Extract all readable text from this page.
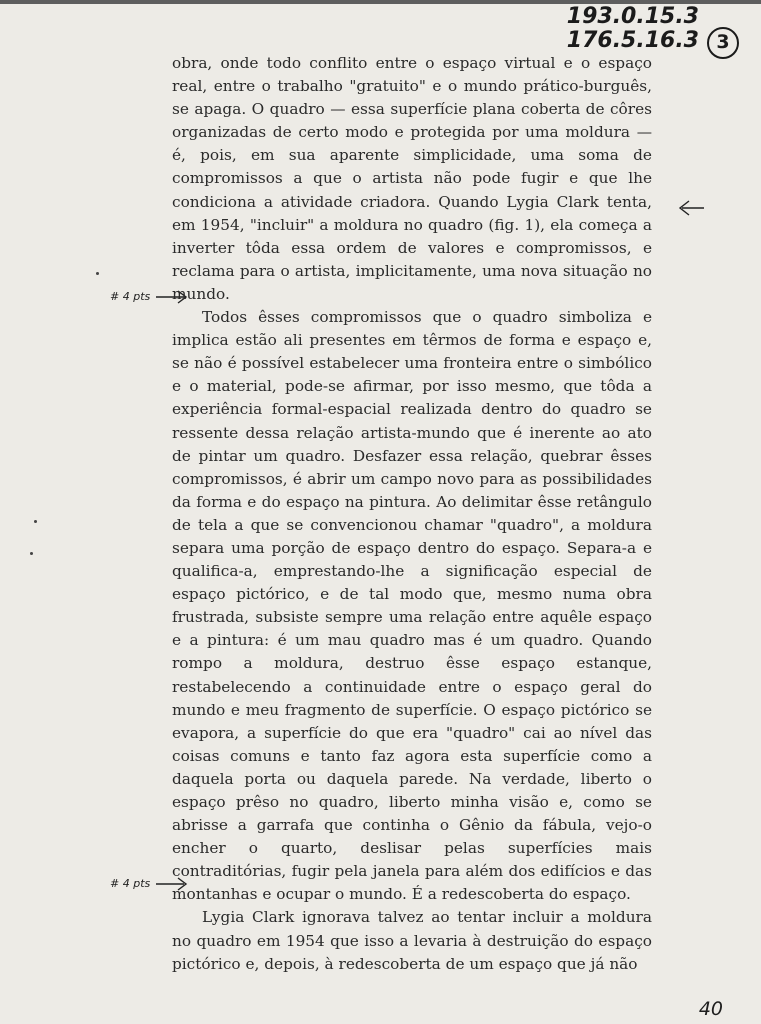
193.0.15.3
176.5.16.3 3
# 4 pts
# 4 pts

obra, onde todo conflito entre o espaço virtual e o espaço real, entre o trabalho "gratuito" e o mundo prático-burguês, se apaga. O quadro — essa superfície plana coberta de côres organizadas de certo modo e protegida por uma moldura — é, pois, em sua aparente simplicidade, uma soma de compromissos a que o artista não pode fugir e que lhe condiciona a atividade criadora. Quando Lygia Clark tenta, em 1954, "incluir" a moldura no quadro (fig. 1), ela começa a inverter tôda essa ordem de valores e compromissos, e reclama para o artista, implicitamente, uma nova situação no mundo.

Todos êsses compromissos que o quadro simboliza e implica estão ali presentes em têrmos de forma e espaço e, se não é possível estabelecer uma fronteira entre o simbólico e o material, pode-se afirmar, por isso mesmo, que tôda a experiência formal-espacial realizada dentro do quadro se ressente dessa relação artista-mundo que é inerente ao ato de pintar um quadro. Desfazer essa relação, quebrar êsses compromissos, é abrir um campo novo para as possibilidades da forma e do espaço na pintura. Ao delimitar êsse retângulo de tela a que se convencionou chamar "quadro", a moldura separa uma porção de espaço dentro do espaço. Separa-a e qualifica-a, emprestando-lhe a significação especial de espaço pictórico, e de tal modo que, mesmo numa obra frustrada, subsiste sempre uma relação entre aquêle espaço e a pintura: é um mau quadro mas é um quadro. Quando rompo a moldura, destruo êsse espaço estanque, restabelecendo a continuidade entre o espaço geral do mundo e meu fragmento de superfície. O espaço pictórico se evapora, a superfície do que era "quadro" cai ao nível das coisas comuns e tanto faz agora esta superfície como a daquela porta ou daquela parede. Na verdade, liberto o espaço prêso no quadro, liberto minha visão e, como se abrisse a garrafa que continha o Gênio da fábula, vejo-o encher o quarto, deslisar pelas superfícies mais contraditórias, fugir pela janela para além dos edifícios e das montanhas e ocupar o mundo. É a redescoberta do espaço.

Lygia Clark ignorava talvez ao tentar incluir a moldura no quadro em 1954 que isso a levaria à destruição do espaço pictórico e, depois, à redescoberta de um espaço que já não

40
